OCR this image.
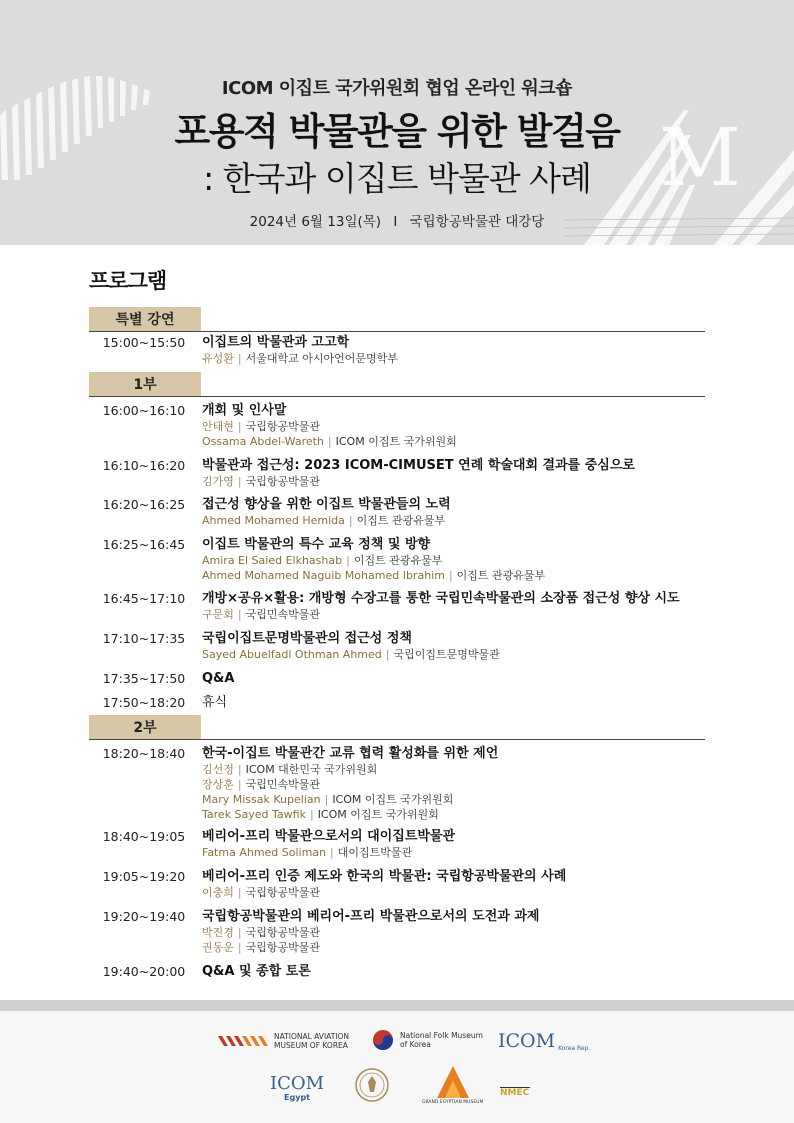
M
ICOM 이집트 국가위원회 협업 온라인 워크숍
포용적 박물관을 위한 발걸음
: 한국과 이집트 박물관 사례
2024년 6월 13일(목) I 국립항공박물관 대강당
프로그램
특별 강연
1부
2부
15:00~15:50	이집트의 박물관과 고고학
유성환 | 서울대학교 아시아언어문명학부
16:00~16:10	개회 및 인사말
안태현 | 국립항공박물관
Ossama Abdel-Wareth | ICOM 이집트 국가위원회
16:10~16:20	박물관과 접근성: 2023 ICOM-CIMUSET 연례 학술대회 결과를 중심으로
김가영 | 국립항공박물관
16:20~16:25	접근성 향상을 위한 이집트 박물관들의 노력
Ahmed Mohamed Hemida | 이집트 관광유물부
16:25~16:45	이집트 박물관의 특수 교육 정책 및 방향
Amira El Saied Elkhashab | 이집트 관광유물부
Ahmed Mohamed Naguib Mohamed Ibrahim | 이집트 관광유물부
16:45~17:10	개방×공유×활용: 개방형 수장고를 통한 국립민속박물관의 소장품 접근성 향상 시도
구문회 | 국립민속박물관
17:10~17:35	국립이집트문명박물관의 접근성 정책
Sayed Abuelfadl Othman Ahmed | 국립이집트문명박물관
17:35~17:50	Q&A
17:50~18:20	휴식
18:20~18:40	한국-이집트 박물관간 교류 협력 활성화를 위한 제언
김선정 | ICOM 대한민국 국가위원회
장상훈 | 국립민속박물관
Mary Missak Kupelian | ICOM 이집트 국가위원회
Tarek Sayed Tawfik | ICOM 이집트 국가위원회
18:40~19:05	베리어-프리 박물관으로서의 대이집트박물관
Fatma Ahmed Soliman | 대이집트박물관
19:05~19:20	베리어-프리 인증 제도와 한국의 박물관: 국립항공박물관의 사례
이충희 | 국립항공박물관
19:20~19:40	국립항공박물관의 베리어-프리 박물관으로서의 도전과 과제
박진경 | 국립항공박물관
권동운 | 국립항공박물관
19:40~20:00	Q&A 및 종합 토론
NATIONAL AVIATION MUSEUM OF KOREA
National Folk Museum of Korea	ICOM Korea Rep.
ICOM
Egypt
GRAND EGYPTIAN MUSEUM
NMEC
